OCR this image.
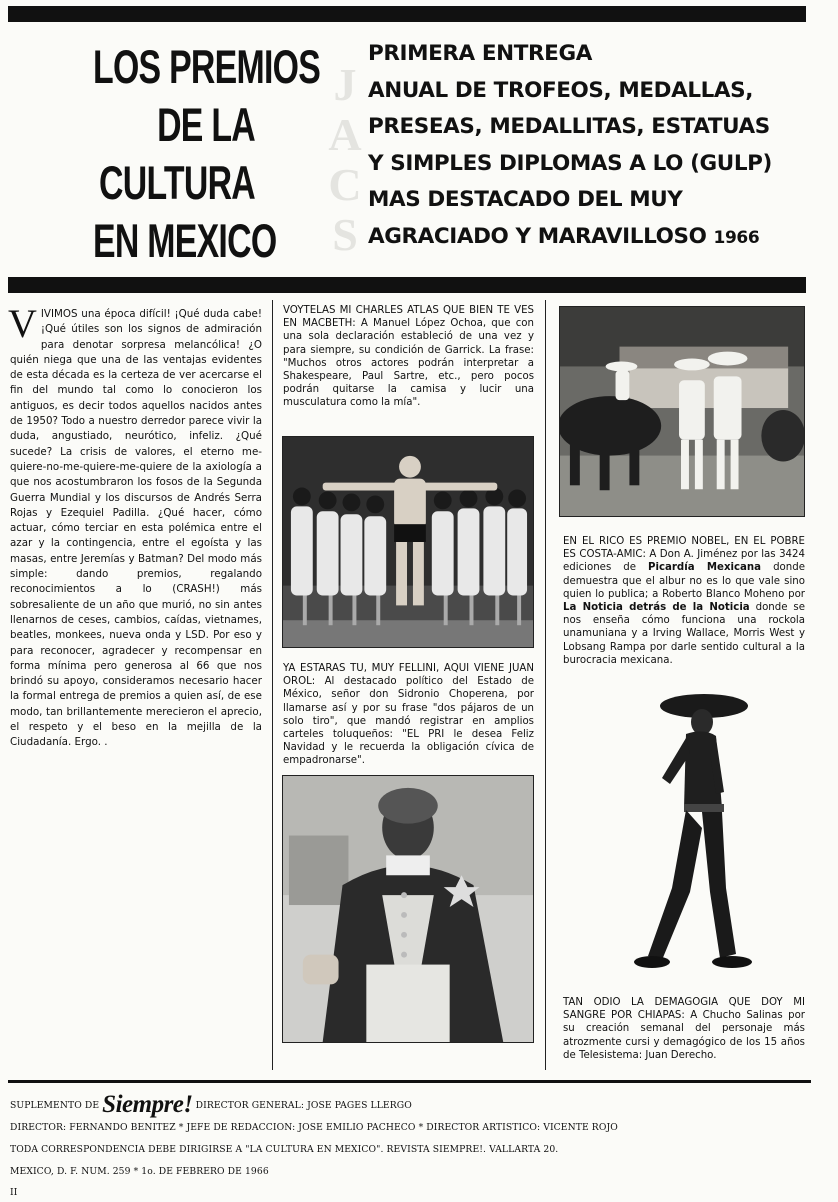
LOS PREMIOS
DE LA
CULTURA
EN MEXICO
J
A
C
S
PRIMERA ENTREGA
ANUAL DE TROFEOS, MEDALLAS,
PRESEAS, MEDALLITAS, ESTATUAS
Y SIMPLES DIPLOMAS A LO (GULP)
MAS DESTACADO DEL MUY
AGRACIADO Y MARAVILLOSO 1966
VIVIMOS una época difícil! ¡Qué duda cabe! ¡Qué útiles son los signos de admiración para denotar sorpresa melancólica! ¿O quién niega que una de las ventajas evidentes de esta década es la certeza de ver acercarse el fin del mundo tal como lo conocieron los antiguos, es decir todos aquellos nacidos antes de 1950? Todo a nuestro derredor parece vivir la duda, angustiado, neurótico, infeliz. ¿Qué sucede? La crisis de valores, el eterno me-quiere-no-me-quiere-me-quiere de la axiología a que nos acostumbraron los fosos de la Segunda Guerra Mundial y los discursos de Andrés Serra Rojas y Ezequiel Padilla. ¿Qué hacer, cómo actuar, cómo terciar en esta polémica entre el azar y la contingencia, entre el egoísta y las masas, entre Jeremías y Batman? Del modo más simple: dando premios, regalando reconocimientos a lo (CRASH!) más sobresaliente de un año que murió, no sin antes llenarnos de ceses, cambios, caídas, vietnames, beatles, monkees, nueva onda y LSD. Por eso y para reconocer, agradecer y recompensar en forma mínima pero generosa al 66 que nos brindó su apoyo, consideramos necesario hacer la formal entrega de premios a quien así, de ese modo, tan brillantemente merecieron el aprecio, el respeto y el beso en la mejilla de la Ciudadanía. Ergo. .
VOYTELAS MI CHARLES ATLAS QUE BIEN TE VES EN MACBETH: A Manuel López Ochoa, que con una sola declaración estableció de una vez y para siempre, su condición de Garrick. La frase: "Muchos otros actores podrán interpretar a Shakespeare, Paul Sartre, etc., pero pocos podrán quitarse la camisa y lucir una musculatura como la mía".
YA ESTARAS TU, MUY FELLINI, AQUI VIENE JUAN OROL: Al destacado político del Estado de México, señor don Sidronio Choperena, por llamarse así y por su frase "dos pájaros de un solo tiro", que mandó registrar en amplios carteles toluqueños: "EL PRI le desea Feliz Navidad y le recuerda la obligación cívica de empadronarse".
EN EL RICO ES PREMIO NOBEL, EN EL POBRE ES COSTA-AMIC: A Don A. Jiménez por las 3424 ediciones de Picardía Mexicana donde demuestra que el albur no es lo que vale sino quien lo publica; a Roberto Blanco Moheno por La Noticia detrás de la Noticia donde se nos enseña cómo funciona una rockola unamuniana y a Irving Wallace, Morris West y Lobsang Rampa por darle sentido cultural a la burocracia mexicana.
TAN ODIO LA DEMAGOGIA QUE DOY MI SANGRE POR CHIAPAS: A Chucho Salinas por su creación semanal del personaje más atrozmente cursi y demagógico de los 15 años de Telesistema: Juan Derecho.
SUPLEMENTO DE Siempre! DIRECTOR GENERAL: JOSE PAGES LLERGO
DIRECTOR: FERNANDO BENITEZ * JEFE DE REDACCION: JOSE EMILIO PACHECO * DIRECTOR ARTISTICO: VICENTE ROJO
TODA CORRESPONDENCIA DEBE DIRIGIRSE A "LA CULTURA EN MEXICO". REVISTA SIEMPRE!. VALLARTA 20.
MEXICO, D. F. NUM. 259 * 1o. DE FEBRERO DE 1966
II
